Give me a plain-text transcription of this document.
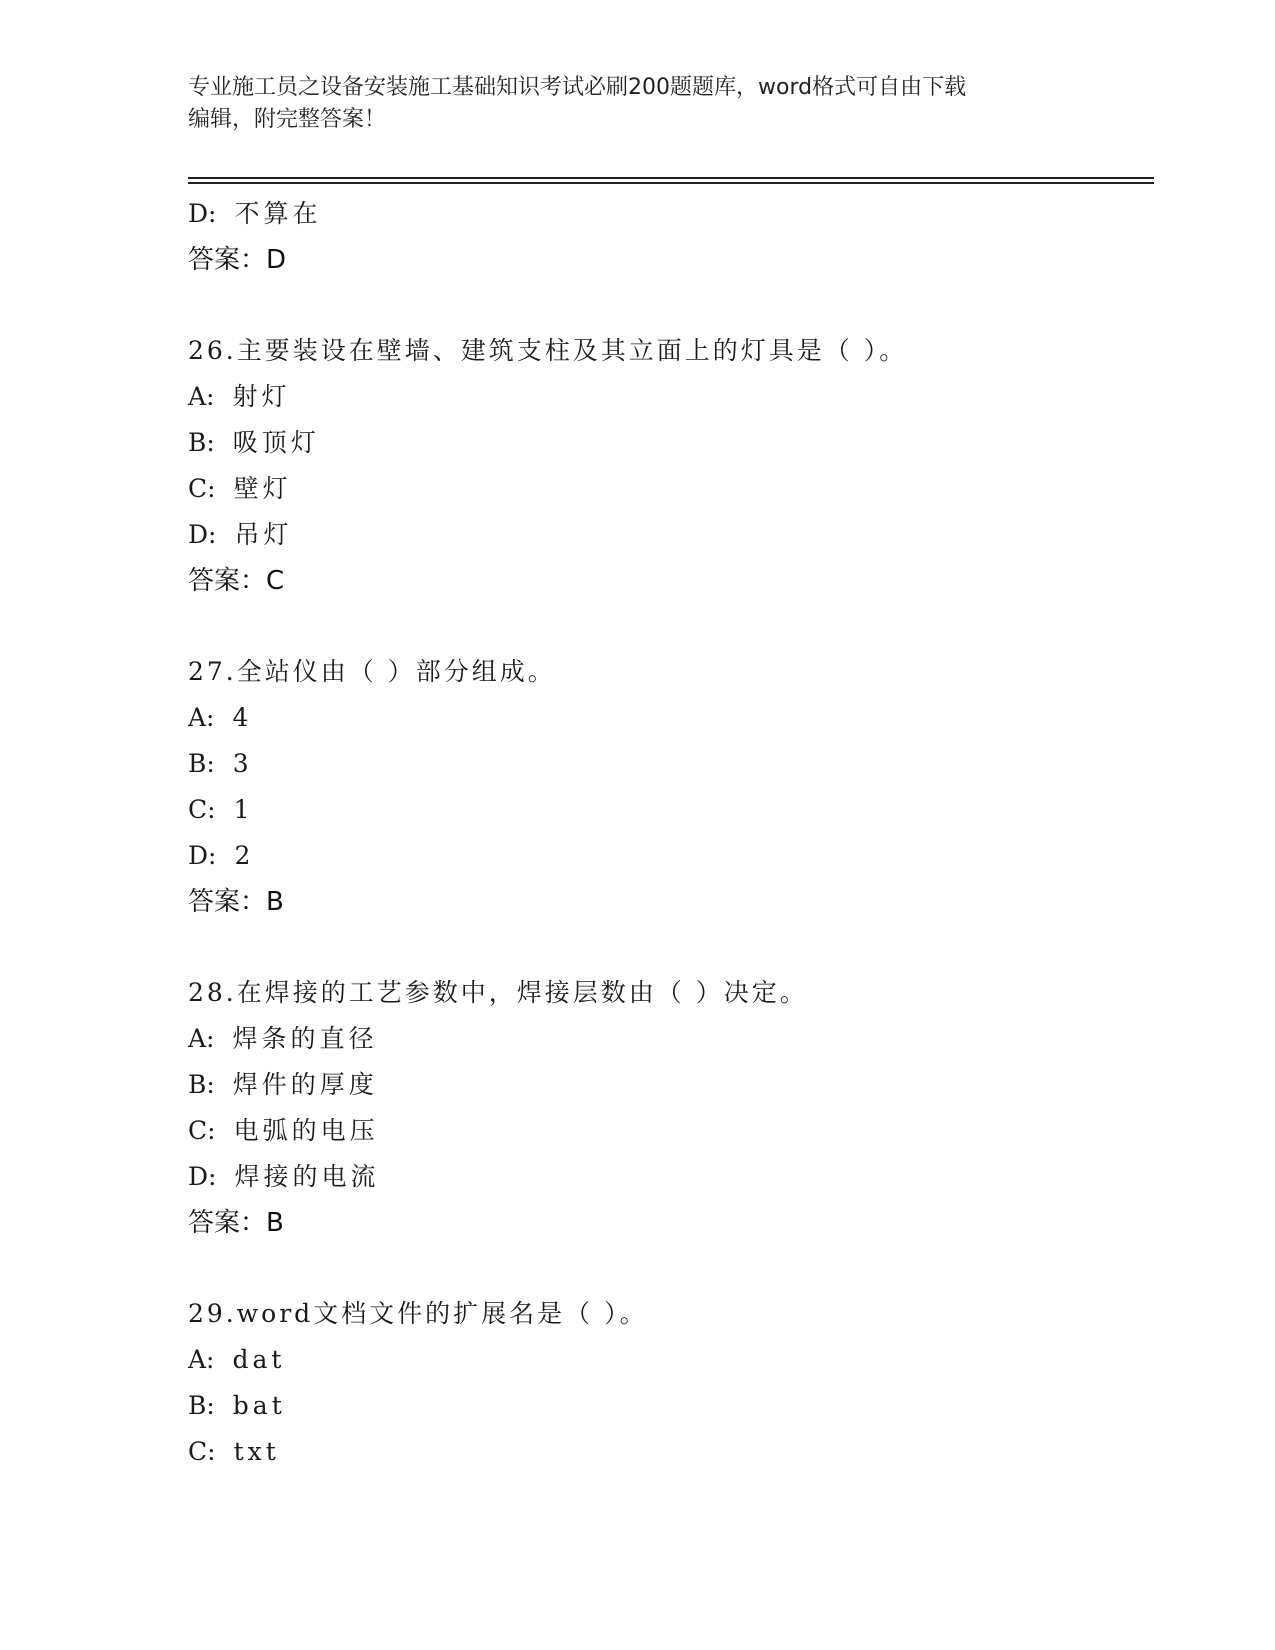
专业施工员之设备安装施工基础知识考试必刷200题题库，word格式可自由下载
编辑，附完整答案！
D: 不算在
答案：D
26.主要装设在壁墙、建筑支柱及其立面上的灯具是（ ）。
A: 射灯
B: 吸顶灯
C: 壁灯
D: 吊灯
答案：C
27.全站仪由（ ）部分组成。
A: 4
B: 3
C: 1
D: 2
答案：B
28.在焊接的工艺参数中，焊接层数由（ ）决定。
A: 焊条的直径
B: 焊件的厚度
C: 电弧的电压
D: 焊接的电流
答案：B
29.word文档文件的扩展名是（ ）。
A: dat
B: bat
C: txt
